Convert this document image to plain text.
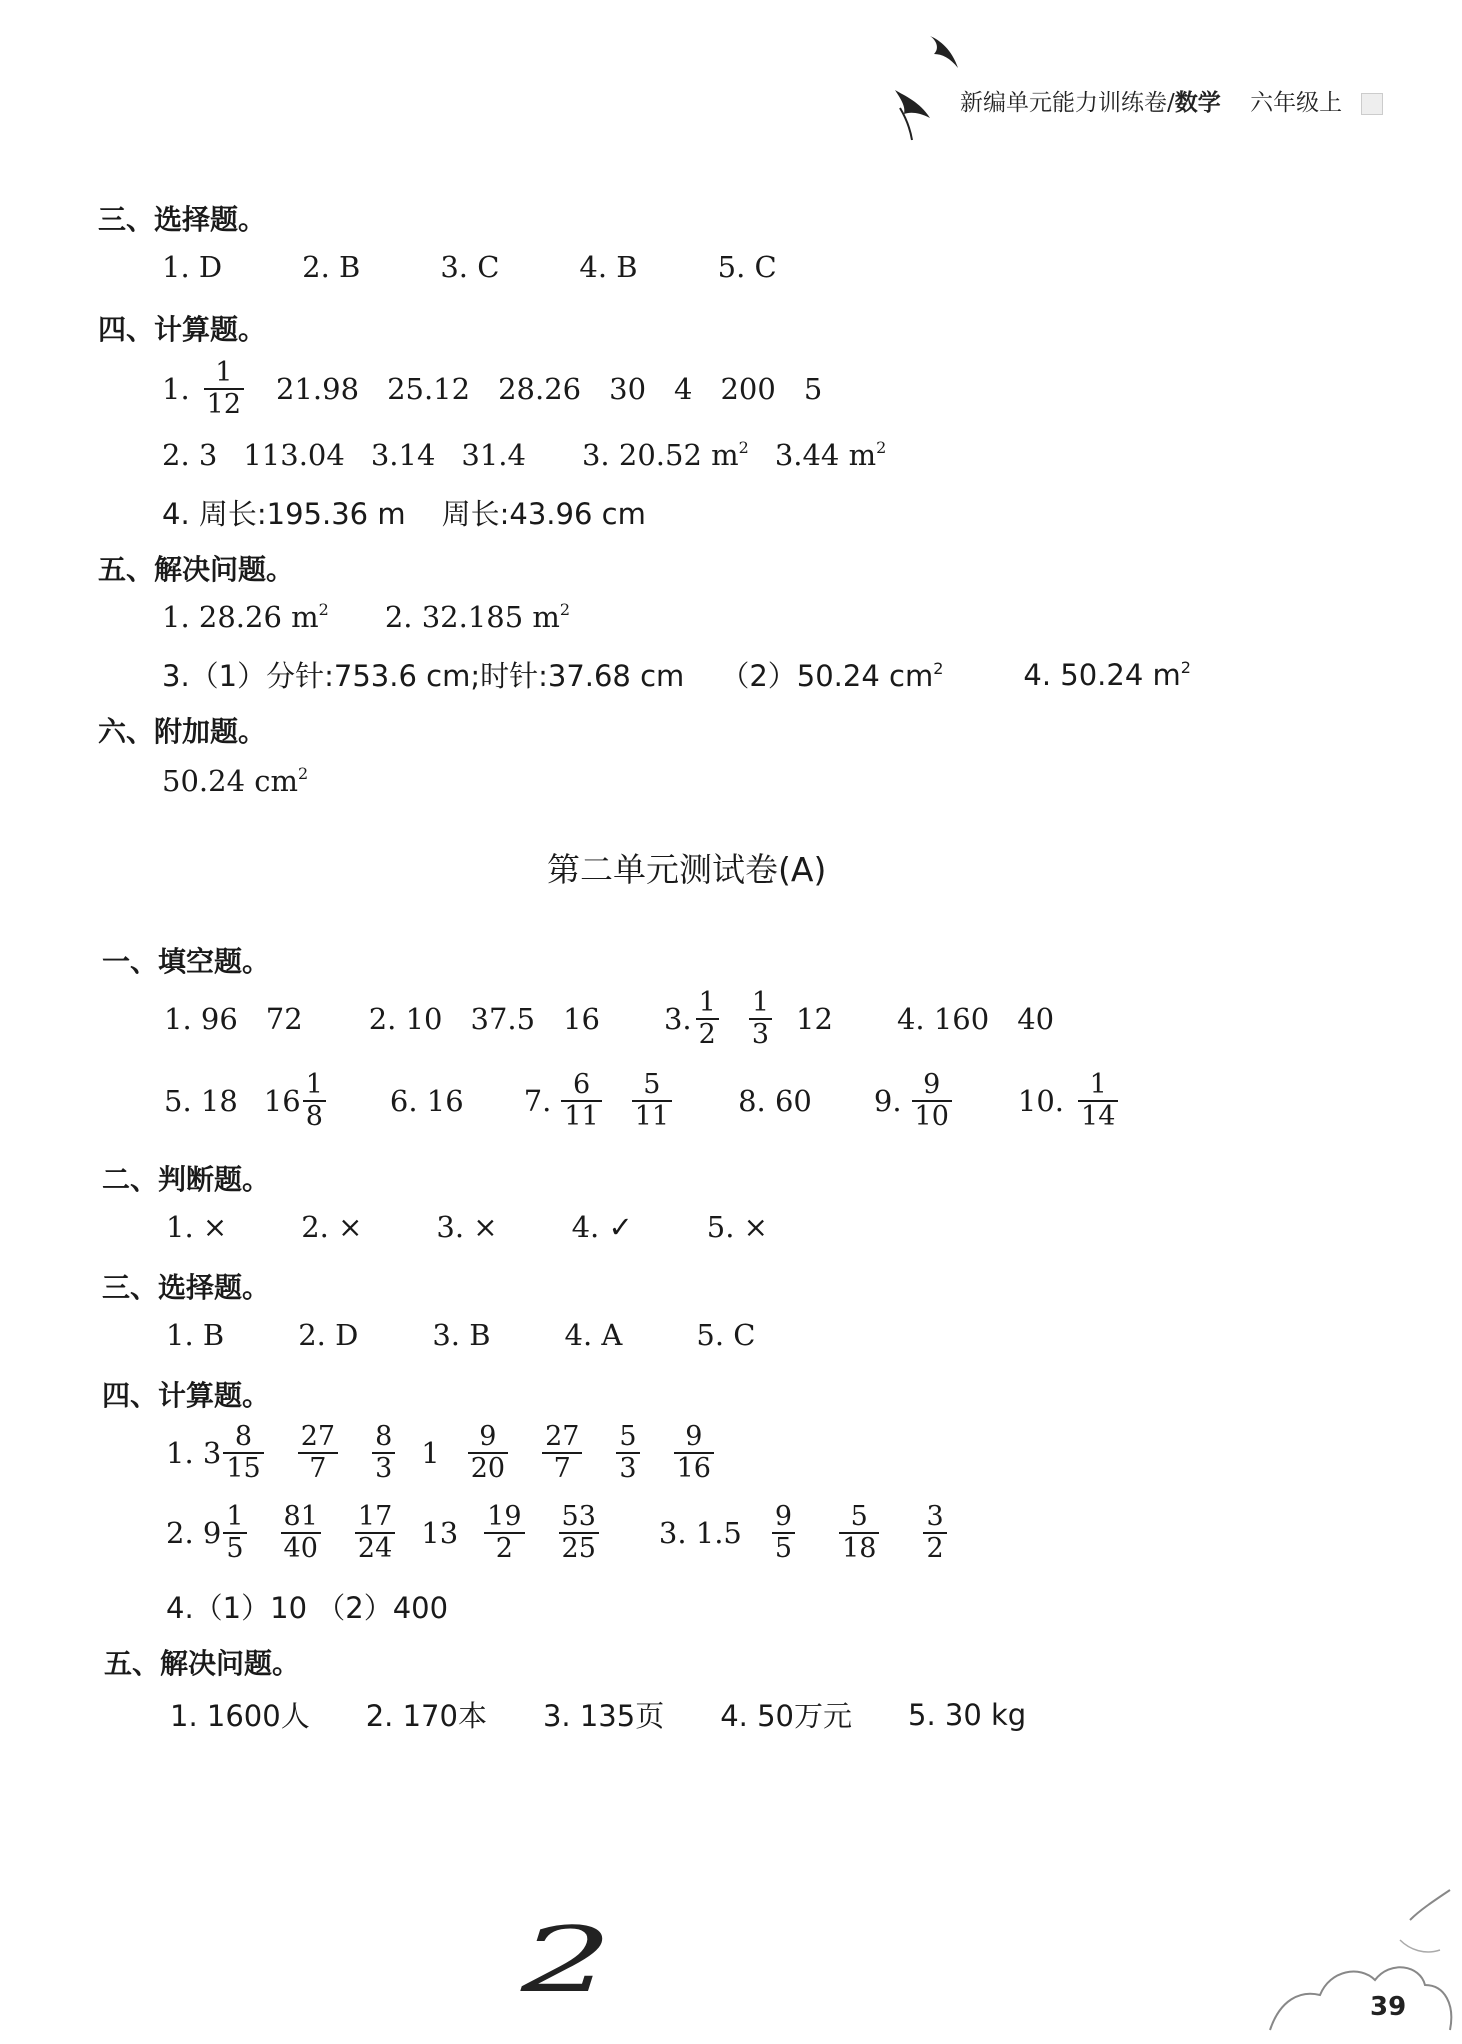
新编单元能力训练卷/数学 六年级上
三、选择题。
1. D	2. B	3. C	4. B	5. C
四、计算题。
1. $\frac{1}{12} 21.98$ 25.12 28.26 30 4 200 5
2. 3 113.04 3.14 31.4 3. 20.52 $m^2$ 3.44 $m^2$
4. 周长:195.36 m 周长:43.96 cm
五、解决问题。
1. 28.26 $m^2$ 2. 32.185 $m^2$
3.（1）分针:753.6 cm;时针:37.68 cm （2）50.24 $cm^2$	4. 50.24 $m^2$
六、附加题。
50.24 $cm^2$
第二单元测试卷(A)
一、填空题。
1. 96 72 2. 10 37.5 16 3. $\frac{1}{2} \frac{1}{3} 12$ 4. 160 40
5. 18 $16 \frac{1}{8} 6$. 16 7. $\frac{6}{11} \frac{5}{11} 8$. 60 9. $\frac{9}{10} 10$. $\frac{1}{14}$
二、判断题。
1. ×	2. ×	3. ×	4. ✓	5. ×
三、选择题。
1. B	2. D	3. B	4. A	5. C
四、计算题。
1. $3 \frac{8}{15} \frac{27}{7} \frac{8}{3} 1 \frac{9}{20} \frac{27}{7} \frac{5}{3} \frac{9}{16}$
2. $9 \frac{1}{5} \frac{81}{40} \frac{17}{24} 13 \frac{19}{2} \frac{53}{25} 3$. $1.5 \frac{9}{5} \frac{5}{18} \frac{3}{2}$
4.（1）10 （2）400
五、解决问题。
1. 1600人 2. 170本 3. 135页 4. 50万元 5. 30 kg
2	39
